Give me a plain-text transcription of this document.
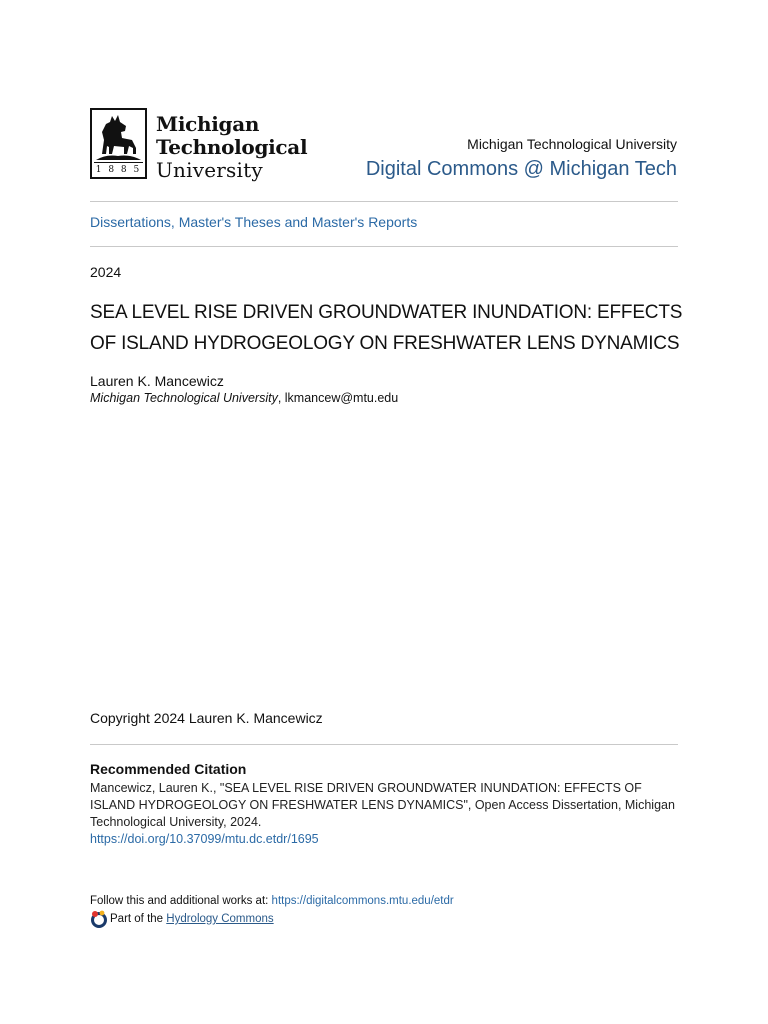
1 8 8 5
Michigan
Technological
University
Michigan Technological University
Digital Commons @ Michigan Tech
Dissertations, Master's Theses and Master's Reports
2024
SEA LEVEL RISE DRIVEN GROUNDWATER INUNDATION: EFFECTS OF ISLAND HYDROGEOLOGY ON FRESHWATER LENS DYNAMICS
Lauren K. Mancewicz
Michigan Technological University, lkmancew@mtu.edu
Copyright 2024 Lauren K. Mancewicz
Recommended Citation
Mancewicz, Lauren K., "SEA LEVEL RISE DRIVEN GROUNDWATER INUNDATION: EFFECTS OF ISLAND HYDROGEOLOGY ON FRESHWATER LENS DYNAMICS", Open Access Dissertation, Michigan Technological University, 2024.
https://doi.org/10.37099/mtu.dc.etdr/1695
Follow this and additional works at: https://digitalcommons.mtu.edu/etdr
Part of the
Hydrology Commons
